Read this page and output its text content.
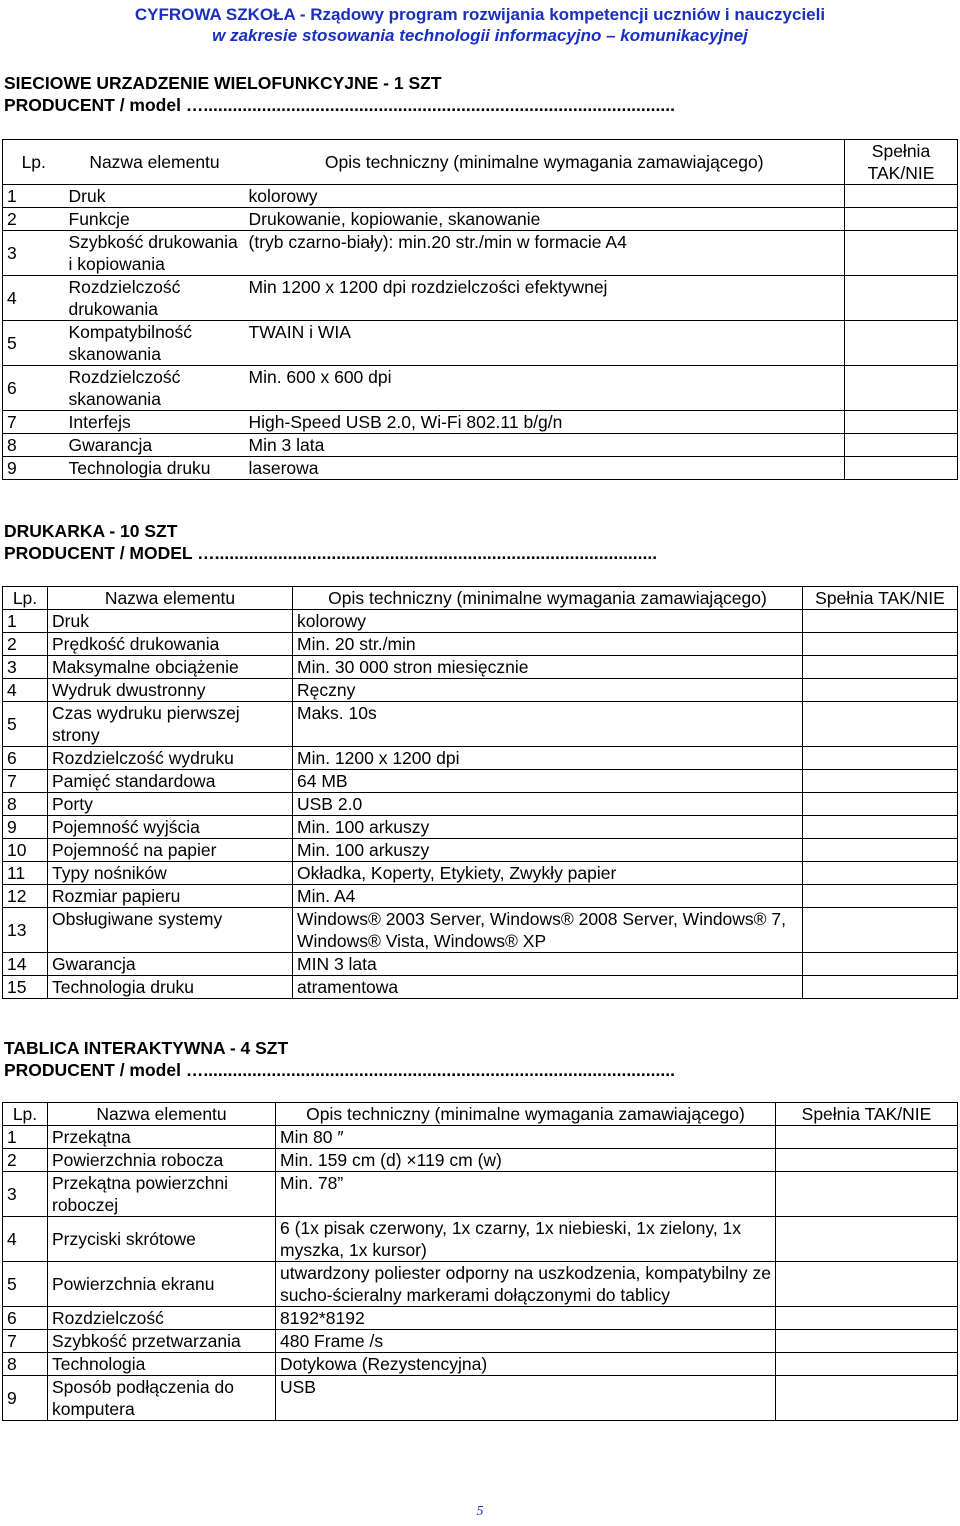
CYFROWA SZKOŁA - Rządowy program rozwijania kompetencji uczniów i nauczycieli
w zakresie stosowania technologii informacyjno – komunikacyjnej
SIECIOWE URZADZENIE WIELOFUNKCYJNE - 1 SZT
PRODUCENT / model ….................................................................................................
Lp.	Nazwa elementu	Opis techniczny (minimalne wymagania zamawiającego)	Spełnia TAK/NIE
1	Druk	kolorowy	
2	Funkcje	Drukowanie, kopiowanie, skanowanie	
3	Szybkość drukowania i kopiowania	(tryb czarno-biały): min.20 str./min w formacie A4	
4	Rozdzielczość drukowania	Min 1200 x 1200 dpi rozdzielczości efektywnej	
5	Kompatybilność skanowania	TWAIN i WIA	
6	Rozdzielczość skanowania	Min. 600 x 600 dpi	
7	Interfejs	High-Speed USB 2.0, Wi-Fi 802.11 b/g/n	
8	Gwarancja	Min 3 lata	
9	Technologia druku	laserowa	
DRUKARKA - 10 SZT
PRODUCENT / MODEL …...........................................................................................
Lp.	Nazwa elementu	Opis techniczny (minimalne wymagania zamawiającego)	Spełnia TAK/NIE
1	Druk	kolorowy	
2	Prędkość drukowania	Min. 20 str./min	
3	Maksymalne obciążenie	Min. 30 000 stron miesięcznie	
4	Wydruk dwustronny	Ręczny	
5	Czas wydruku pierwszej strony	Maks. 10s	
6	Rozdzielczość wydruku	Min. 1200 x 1200 dpi	
7	Pamięć standardowa	64 MB	
8	Porty	USB 2.0	
9	Pojemność wyjścia	Min. 100 arkuszy	
10	Pojemność na papier	Min. 100 arkuszy	
11	Typy nośników	Okładka, Koperty, Etykiety, Zwykły papier	
12	Rozmiar papieru	Min. A4	
13	Obsługiwane systemy	Windows® 2003 Server, Windows® 2008 Server, Windows® 7, Windows® Vista, Windows® XP	
14	Gwarancja	MIN 3 lata	
15	Technologia druku	atramentowa	
TABLICA INTERAKTYWNA - 4 SZT
PRODUCENT / model ….................................................................................................
Lp.	Nazwa elementu	Opis techniczny (minimalne wymagania zamawiającego)	Spełnia TAK/NIE
1	Przekątna	Min 80 ″	
2	Powierzchnia robocza	Min. 159 cm (d) ×119 cm (w)	
3	Przekątna powierzchni roboczej	Min. 78”	
4	Przyciski skrótowe	6 (1x pisak czerwony, 1x czarny, 1x niebieski, 1x zielony, 1x myszka, 1x kursor)	
5	Powierzchnia ekranu	utwardzony poliester odporny na uszkodzenia, kompatybilny ze sucho-ścieralny markerami dołączonymi do tablicy	
6	Rozdzielczość	8192*8192	
7	Szybkość przetwarzania	480 Frame /s	
8	Technologia	Dotykowa (Rezystencyjna)	
9	Sposób podłączenia do komputera	USB	
5
